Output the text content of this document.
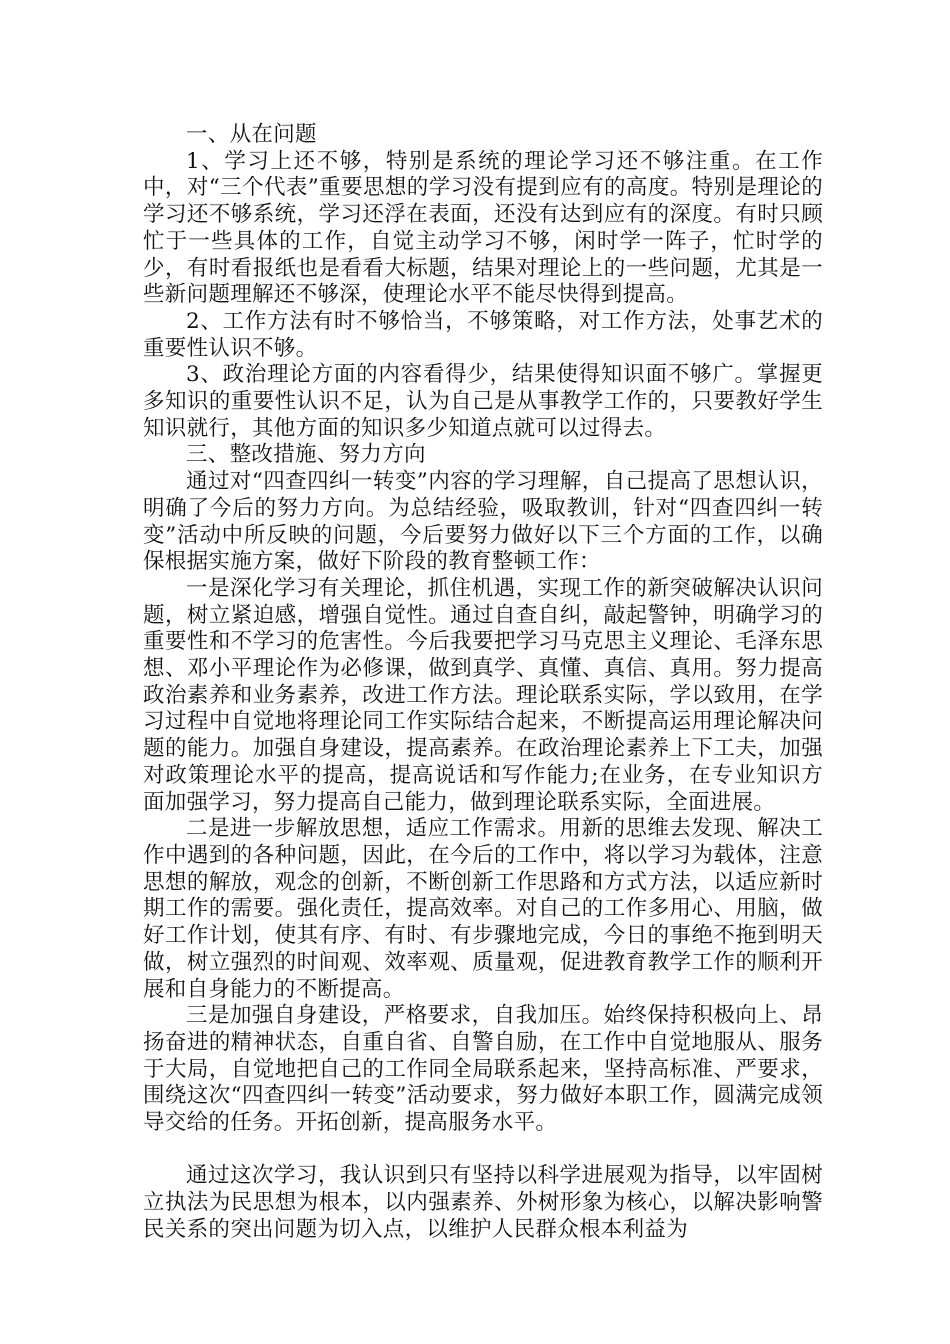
一、从在问题

1、学习上还不够，特别是系统的理论学习还不够注重。在工作中，对“三个代表”重要思想的学习没有提到应有的高度。特别是理论的学习还不够系统，学习还浮在表面，还没有达到应有的深度。有时只顾忙于一些具体的工作，自觉主动学习不够，闲时学一阵子，忙时学的少，有时看报纸也是看看大标题，结果对理论上的一些问题，尤其是一些新问题理解还不够深，使理论水平不能尽快得到提高。

2、工作方法有时不够恰当，不够策略，对工作方法，处事艺术的重要性认识不够。

3、政治理论方面的内容看得少，结果使得知识面不够广。掌握更多知识的重要性认识不足，认为自己是从事教学工作的，只要教好学生知识就行，其他方面的知识多少知道点就可以过得去。

三、整改措施、努力方向

通过对“四查四纠一转变”内容的学习理解，自己提高了思想认识，明确了今后的努力方向。为总结经验，吸取教训，针对“四查四纠一转变”活动中所反映的问题，今后要努力做好以下三个方面的工作，以确保根据实施方案，做好下阶段的教育整顿工作：

一是深化学习有关理论，抓住机遇，实现工作的新突破解决认识问题，树立紧迫感，增强自觉性。通过自查自纠，敲起警钟，明确学习的重要性和不学习的危害性。今后我要把学习马克思主义理论、毛泽东思想、邓小平理论作为必修课，做到真学、真懂、真信、真用。努力提高政治素养和业务素养，改进工作方法。理论联系实际，学以致用，在学习过程中自觉地将理论同工作实际结合起来，不断提高运用理论解决问题的能力。加强自身建设，提高素养。在政治理论素养上下工夫，加强对政策理论水平的提高，提高说话和写作能力;在业务，在专业知识方面加强学习，努力提高自己能力，做到理论联系实际，全面进展。

二是进一步解放思想，适应工作需求。用新的思维去发现、解决工作中遇到的各种问题，因此，在今后的工作中，将以学习为载体，注意思想的解放，观念的创新，不断创新工作思路和方式方法，以适应新时期工作的需要。强化责任，提高效率。对自己的工作多用心、用脑，做好工作计划，使其有序、有时、有步骤地完成，今日的事绝不拖到明天做，树立强烈的时间观、效率观、质量观，促进教育教学工作的顺利开展和自身能力的不断提高。

三是加强自身建设，严格要求，自我加压。始终保持积极向上、昂扬奋进的精神状态，自重自省、自警自励，在工作中自觉地服从、服务于大局，自觉地把自己的工作同全局联系起来，坚持高标准、严要求，围绕这次“四查四纠一转变”活动要求，努力做好本职工作，圆满完成领导交给的任务。开拓创新，提高服务水平。

通过这次学习，我认识到只有坚持以科学进展观为指导，以牢固树立执法为民思想为根本，以内强素养、外树形象为核心，以解决影响警民关系的突出问题为切入点，以维护人民群众根本利益为
